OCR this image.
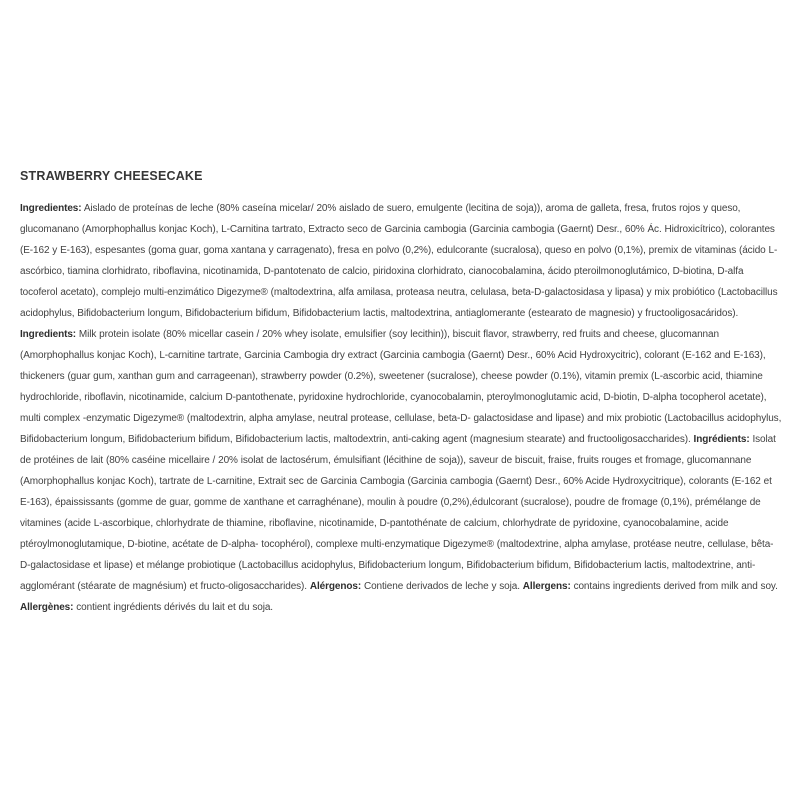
STRAWBERRY CHEESECAKE

Ingredientes: Aislado de proteínas de leche (80% caseína micelar/ 20% aislado de suero, emulgente (lecitina de soja)), aroma de galleta, fresa, frutos rojos y queso, glucomanano (Amorphophallus konjac Koch), L-Carnitina tartrato, Extracto seco de Garcinia cambogia (Garcinia cambogia (Gaernt) Desr., 60% Ác. Hidroxicítrico), colorantes (E-162 y E-163), espesantes (goma guar, goma xantana y carragenato), fresa en polvo (0,2%), edulcorante (sucralosa), queso en polvo (0,1%), premix de vitaminas (ácido L-ascórbico, tiamina clorhidrato, riboflavina, nicotinamida, D-pantotenato de calcio, piridoxina clorhidrato, cianocobalamina, ácido pteroilmonoglutámico, D-biotina, D-alfa tocoferol acetato), complejo multi-enzimático Digezyme® (maltodextrina, alfa amilasa, proteasa neutra, celulasa, beta-D-galactosidasa y lipasa) y mix probiótico (Lactobacillus acidophylus, Bifidobacterium longum, Bifidobacterium bifidum, Bifidobacterium lactis, maltodextrina, antiaglomerante (estearato de magnesio) y fructooligosacáridos). Ingredients: Milk protein isolate (80% micellar casein / 20% whey isolate, emulsifier (soy lecithin)), biscuit flavor, strawberry, red fruits and cheese, glucomannan (Amorphophallus konjac Koch), L-carnitine tartrate, Garcinia Cambogia dry extract (Garcinia cambogia (Gaernt) Desr., 60% Acid Hydroxycitric), colorant (E-162 and E-163), thickeners (guar gum, xanthan gum and carrageenan), strawberry powder (0.2%), sweetener (sucralose), cheese powder (0.1%), vitamin premix (L-ascorbic acid, thiamine hydrochloride, riboflavin, nicotinamide, calcium D-pantothenate, pyridoxine hydrochloride, cyanocobalamin, pteroylmonoglutamic acid, D-biotin, D-alpha tocopherol acetate), multi complex -enzymatic Digezyme® (maltodextrin, alpha amylase, neutral protease, cellulase, beta-D- galactosidase and lipase) and mix probiotic (Lactobacillus acidophylus, Bifidobacterium longum, Bifidobacterium bifidum, Bifidobacterium lactis, maltodextrin, anti-caking agent (magnesium stearate) and fructooligosaccharides). Ingrédients: Isolat de protéines de lait (80% caséine micellaire / 20% isolat de lactosérum, émulsifiant (lécithine de soja)), saveur de biscuit, fraise, fruits rouges et fromage, glucomannane (Amorphophallus konjac Koch), tartrate de L-carnitine, Extrait sec de Garcinia Cambogia (Garcinia cambogia (Gaernt) Desr., 60% Acide Hydroxycitrique), colorants (E-162 et E-163), épaississants (gomme de guar, gomme de xanthane et carraghénane), moulin à poudre (0,2%),édulcorant (sucralose), poudre de fromage (0,1%), prémélange de vitamines (acide L-ascorbique, chlorhydrate de thiamine, riboflavine, nicotinamide, D-pantothénate de calcium, chlorhydrate de pyridoxine, cyanocobalamine, acide ptéroylmonoglutamique, D-biotine, acétate de D-alpha- tocophérol), complexe multi-enzymatique Digezyme® (maltodextrine, alpha amylase, protéase neutre, cellulase, bêta-D-galactosidase et lipase) et mélange probiotique (Lactobacillus acidophylus, Bifidobacterium longum, Bifidobacterium bifidum, Bifidobacterium lactis, maltodextrine, anti-agglomérant (stéarate de magnésium) et fructo-oligosaccharides). Alérgenos: Contiene derivados de leche y soja. Allergens: contains ingredients derived from milk and soy. Allergènes: contient ingrédients dérivés du lait et du soja.
